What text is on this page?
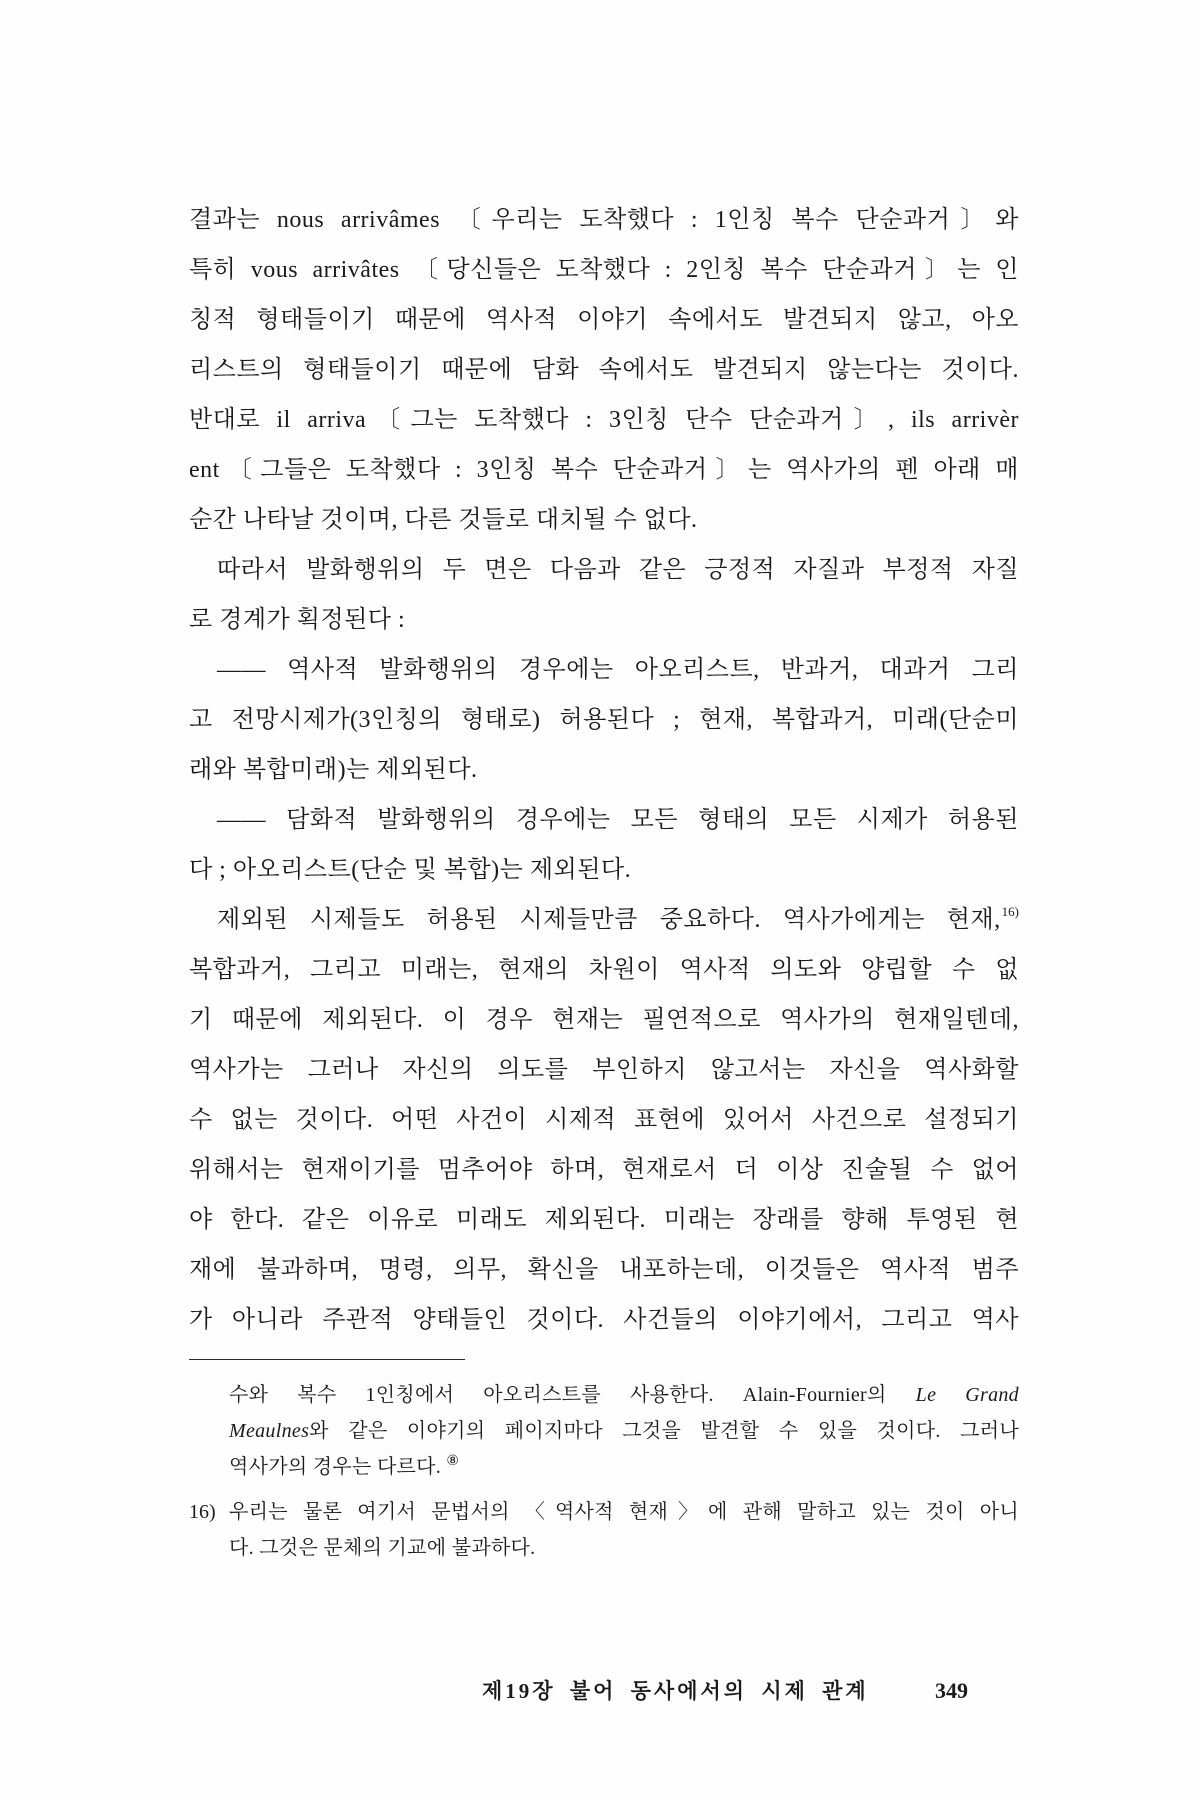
결과는 nous arrivâmes 〔우리는 도착했다 : 1인칭 복수 단순과거〕와
특히 vous arrivâtes 〔당신들은 도착했다 : 2인칭 복수 단순과거〕는 인
칭적 형태들이기 때문에 역사적 이야기 속에서도 발견되지 않고, 아오
리스트의 형태들이기 때문에 담화 속에서도 발견되지 않는다는 것이다.
반대로 il arriva〔그는 도착했다 : 3인칭 단수 단순과거〕, ils arrivèr
ent〔그들은 도착했다 : 3인칭 복수 단순과거〕는 역사가의 펜 아래 매
순간 나타날 것이며, 다른 것들로 대치될 수 없다.
따라서 발화행위의 두 면은 다음과 같은 긍정적 자질과 부정적 자질
로 경계가 획정된다 :
—— 역사적 발화행위의 경우에는 아오리스트, 반과거, 대과거 그리
고 전망시제가(3인칭의 형태로) 허용된다 ; 현재, 복합과거, 미래(단순미
래와 복합미래)는 제외된다.
—— 담화적 발화행위의 경우에는 모든 형태의 모든 시제가 허용된
다 ; 아오리스트(단순 및 복합)는 제외된다.
제외된 시제들도 허용된 시제들만큼 중요하다. 역사가에게는 현재,$^{16)}$
복합과거, 그리고 미래는, 현재의 차원이 역사적 의도와 양립할 수 없
기 때문에 제외된다. 이 경우 현재는 필연적으로 역사가의 현재일텐데,
역사가는 그러나 자신의 의도를 부인하지 않고서는 자신을 역사화할
수 없는 것이다. 어떤 사건이 시제적 표현에 있어서 사건으로 설정되기
위해서는 현재이기를 멈추어야 하며, 현재로서 더 이상 진술될 수 없어
야 한다. 같은 이유로 미래도 제외된다. 미래는 장래를 향해 투영된 현
재에 불과하며, 명령, 의무, 확신을 내포하는데, 이것들은 역사적 범주
가 아니라 주관적 양태들인 것이다. 사건들의 이야기에서, 그리고 역사
수와 복수 1인칭에서 아오리스트를 사용한다. Alain-Fournier의 Le Grand
Meaulnes와 같은 이야기의 페이지마다 그것을 발견할 수 있을 것이다. 그러나
역사가의 경우는 다르다. ⑧
16) 우리는 물론 여기서 문법서의 〈역사적 현재〉에 관해 말하고 있는 것이 아니
다. 그것은 문체의 기교에 불과하다.
제19장 불어 동사에서의 시제 관계	349
